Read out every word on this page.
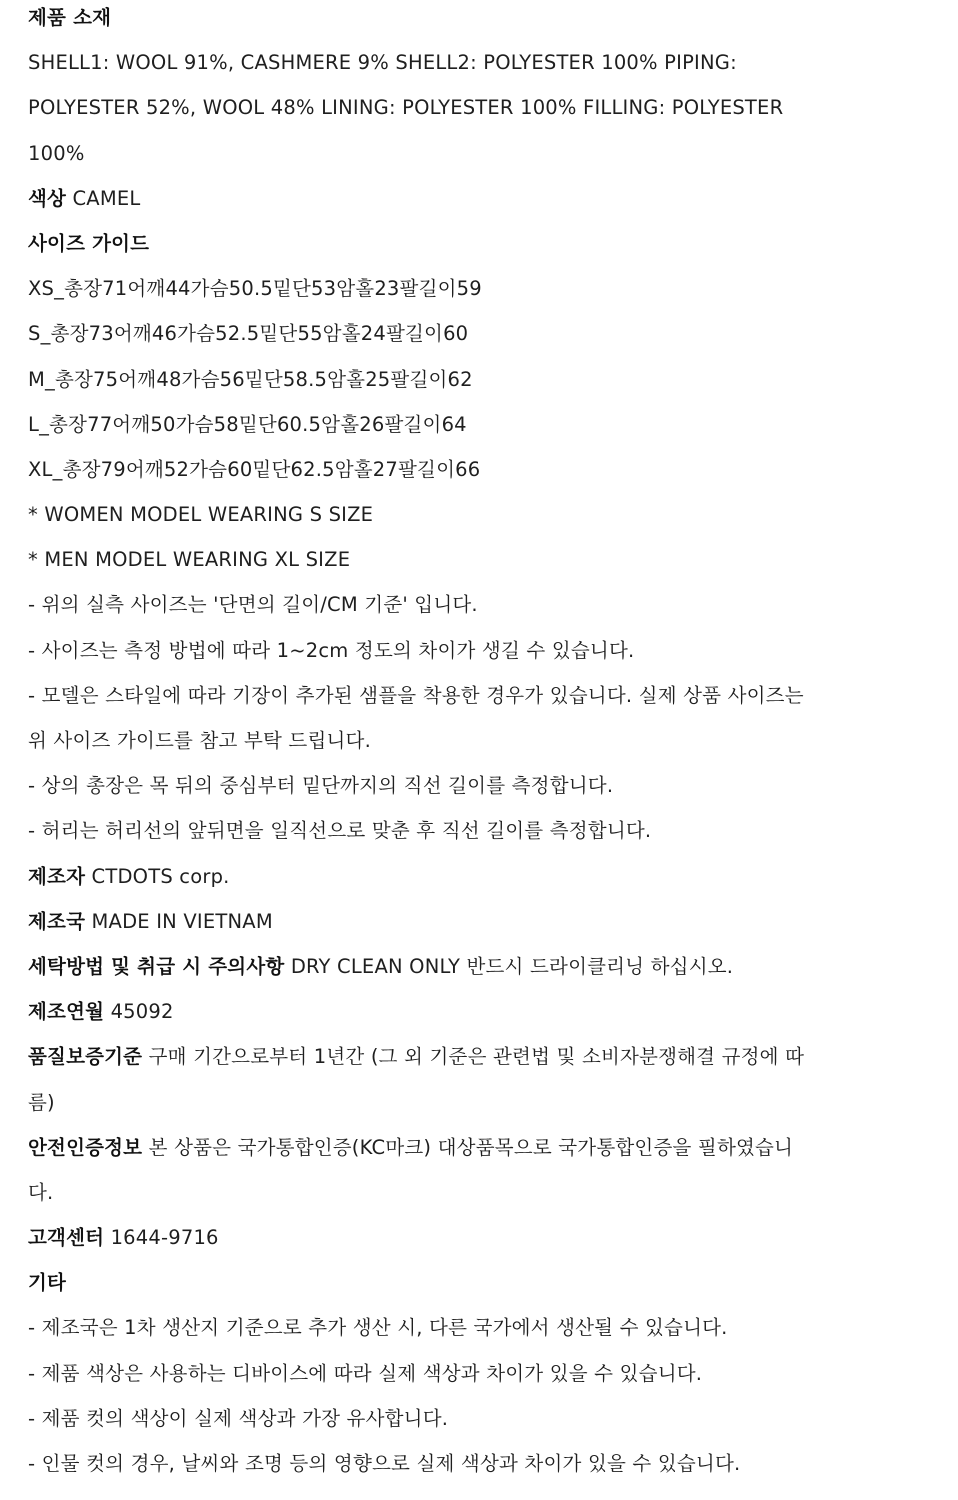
제품 소재
SHELL1: WOOL 91%, CASHMERE 9% SHELL2: POLYESTER 100% PIPING:
POLYESTER 52%, WOOL 48% LINING: POLYESTER 100% FILLING: POLYESTER
100%
색상 CAMEL
사이즈 가이드
XS_총장71어깨44가슴50.5밑단53암홀23팔길이59
S_총장73어깨46가슴52.5밑단55암홀24팔길이60
M_총장75어깨48가슴56밑단58.5암홀25팔길이62
L_총장77어깨50가슴58밑단60.5암홀26팔길이64
XL_총장79어깨52가슴60밑단62.5암홀27팔길이66
* WOMEN MODEL WEARING S SIZE
* MEN MODEL WEARING XL SIZE
- 위의 실측 사이즈는 '단면의 길이/CM 기준' 입니다.
- 사이즈는 측정 방법에 따라 1~2cm 정도의 차이가 생길 수 있습니다.
- 모델은 스타일에 따라 기장이 추가된 샘플을 착용한 경우가 있습니다. 실제 상품 사이즈는
위 사이즈 가이드를 참고 부탁 드립니다.
- 상의 총장은 목 뒤의 중심부터 밑단까지의 직선 길이를 측정합니다.
- 허리는 허리선의 앞뒤면을 일직선으로 맞춘 후 직선 길이를 측정합니다.
제조자 CTDOTS corp.
제조국 MADE IN VIETNAM
세탁방법 및 취급 시 주의사항 DRY CLEAN ONLY 반드시 드라이클리닝 하십시오.
제조연월 45092
품질보증기준 구매 기간으로부터 1년간 (그 외 기준은 관련법 및 소비자분쟁해결 규정에 따
름)
안전인증정보 본 상품은 국가통합인증(KC마크) 대상품목으로 국가통합인증을 필하였습니
다.
고객센터 1644-9716
기타
- 제조국은 1차 생산지 기준으로 추가 생산 시, 다른 국가에서 생산될 수 있습니다.
- 제품 색상은 사용하는 디바이스에 따라 실제 색상과 차이가 있을 수 있습니다.
- 제품 컷의 색상이 실제 색상과 가장 유사합니다.
- 인물 컷의 경우, 날씨와 조명 등의 영향으로 실제 색상과 차이가 있을 수 있습니다.
